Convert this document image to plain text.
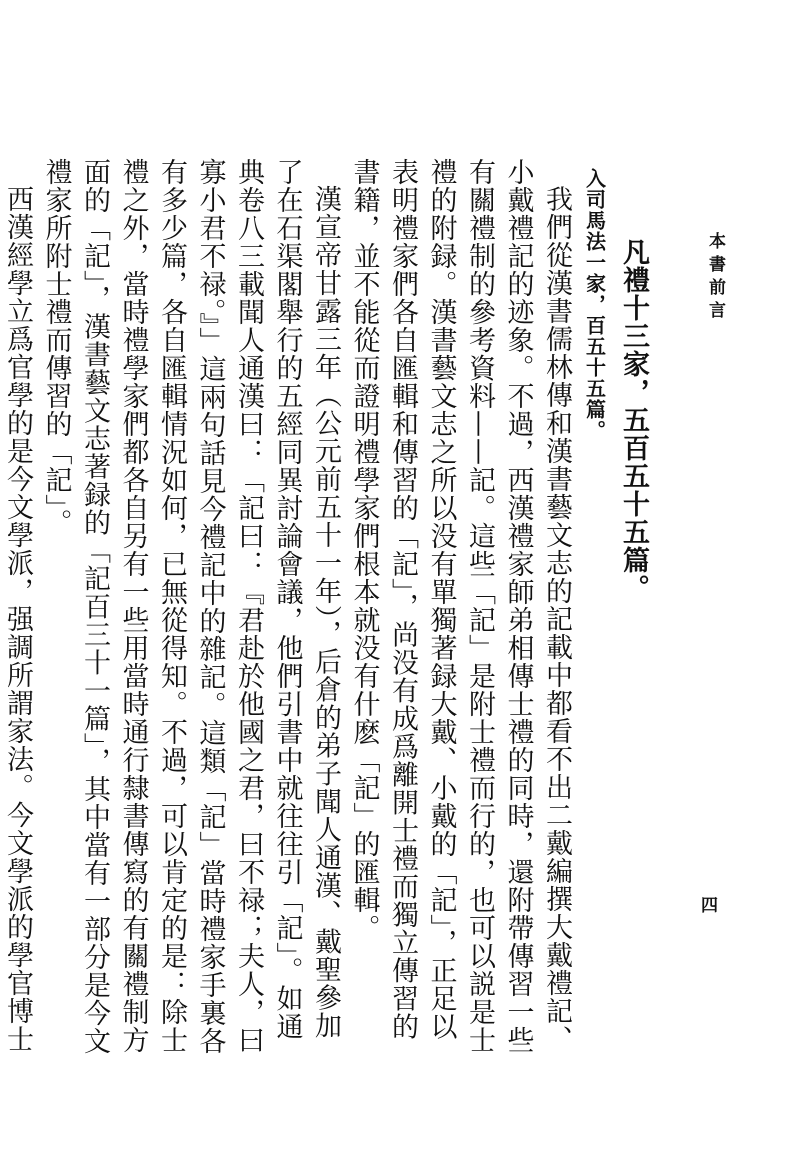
本書前言
四

凡禮十三家，五百五十五篇。

入司馬法一家，百五十五篇。

我們從漢書儒林傳和漢書藝文志的記載中都看不出二戴編撰大戴禮記、小戴禮記的迹象。不過，西漢禮家師弟相傳士禮的同時，還附帶傳習一些有關禮制的參考資料——記。這些「記」是附士禮而行的，也可以説是士禮的附録。漢書藝文志之所以没有單獨著録大戴、小戴的「記」，正足以表明禮家們各自匯輯和傳習的「記」，尚没有成爲離開士禮而獨立傳習的書籍，並不能從而證明禮學家們根本就没有什麽「記」的匯輯。

漢宣帝甘露三年（公元前五十一年），后倉的弟子聞人通漢、戴聖參加了在石渠閣舉行的五經同異討論會議，他們引書中就往往引「記」。如通典卷八三載聞人通漢曰：「記曰：『君赴於他國之君，曰不禄；夫人，曰寡小君不禄。』」這兩句話見今禮記中的雜記。這類「記」當時禮家手裏各有多少篇，各自匯輯情況如何，已無從得知。不過，可以肯定的是：除士禮之外，當時禮學家們都各自另有一些用當時通行隸書傳寫的有關禮制方面的「記」，漢書藝文志著録的「記百三十一篇」，其中當有一部分是今文禮家所附士禮而傳習的「記」。

西漢經學立爲官學的是今文學派，强調所謂家法。今文學派的學官博士
